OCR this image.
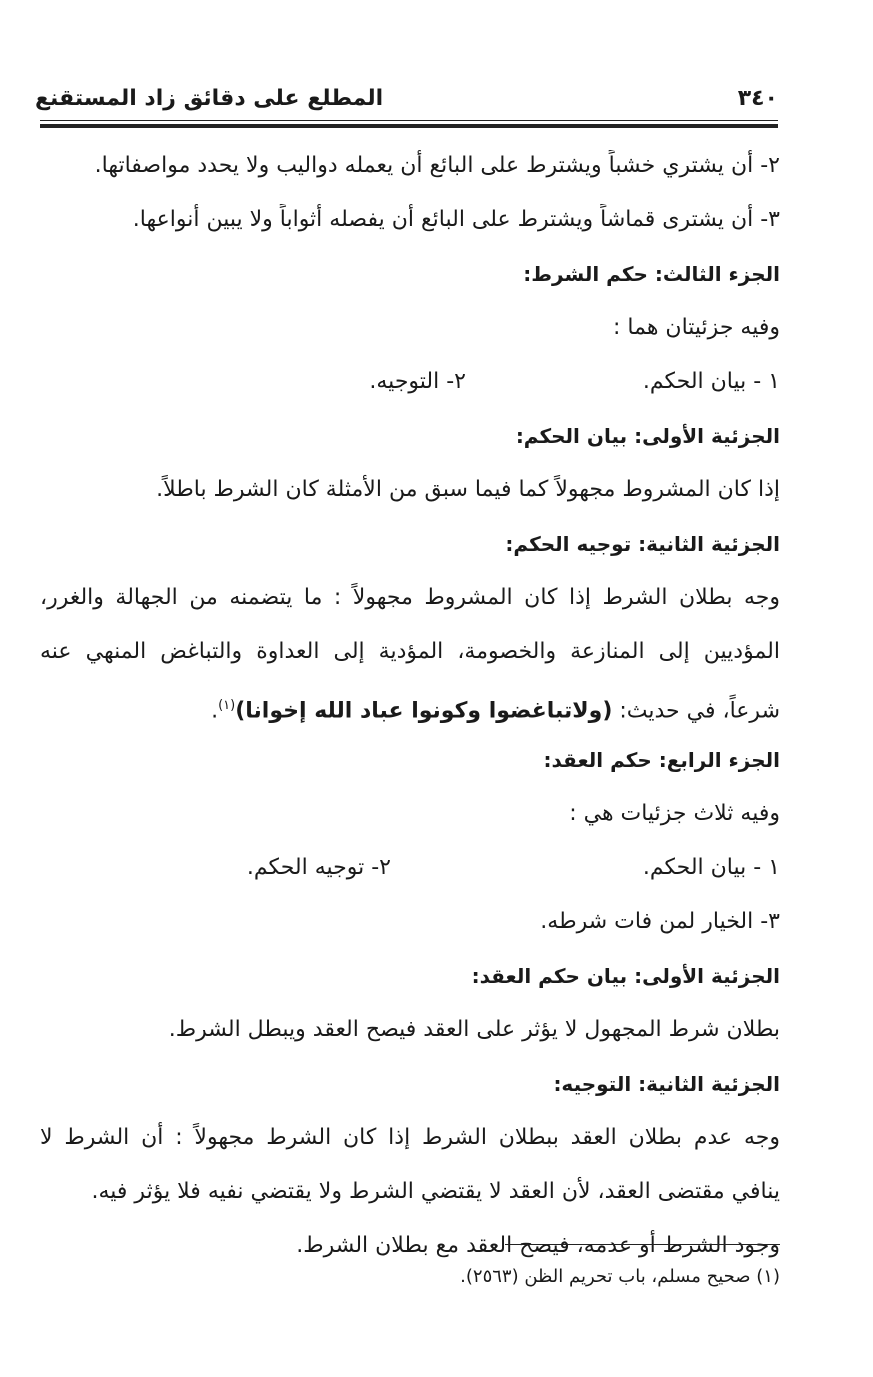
٣٤٠
المطلع على دقائق زاد المستقنع
٢- أن يشتري خشباً ويشترط على البائع أن يعمله دواليب ولا يحدد مواصفاتها.
٣- أن يشترى قماشاً ويشترط على البائع أن يفصله أثواباً ولا يبين أنواعها.
الجزء الثالث: حكم الشرط:
وفيه جزئيتان هما :
١ - بيان الحكم.
٢- التوجيه.
الجزئية الأولى: بيان الحكم:
إذا كان المشروط مجهولاً كما فيما سبق من الأمثلة كان الشرط باطلاً.
الجزئية الثانية: توجيه الحكم:
وجه بطلان الشرط إذا كان المشروط مجهولاً : ما يتضمنه من الجهالة والغرر،
المؤديين إلى المنازعة والخصومة، المؤدية إلى العداوة والتباغض المنهي عنه
شرعاً، في حديث: (ولاتباغضوا وكونوا عباد الله إخوانا)$^{(١)}$.
الجزء الرابع: حكم العقد:
وفيه ثلاث جزئيات هي :
١ - بيان الحكم.
٢- توجيه الحكم.
٣- الخيار لمن فات شرطه.
الجزئية الأولى: بيان حكم العقد:
بطلان شرط المجهول لا يؤثر على العقد فيصح العقد ويبطل الشرط.
الجزئية الثانية: التوجيه:
وجه عدم بطلان العقد ببطلان الشرط إذا كان الشرط مجهولاً : أن الشرط لا
ينافي مقتضى العقد، لأن العقد لا يقتضي الشرط ولا يقتضي نفيه فلا يؤثر فيه.
وجود الشرط أو عدمه، فيصح العقد مع بطلان الشرط.
(١) صحيح مسلم، باب تحريم الظن (٢٥٦٣).
